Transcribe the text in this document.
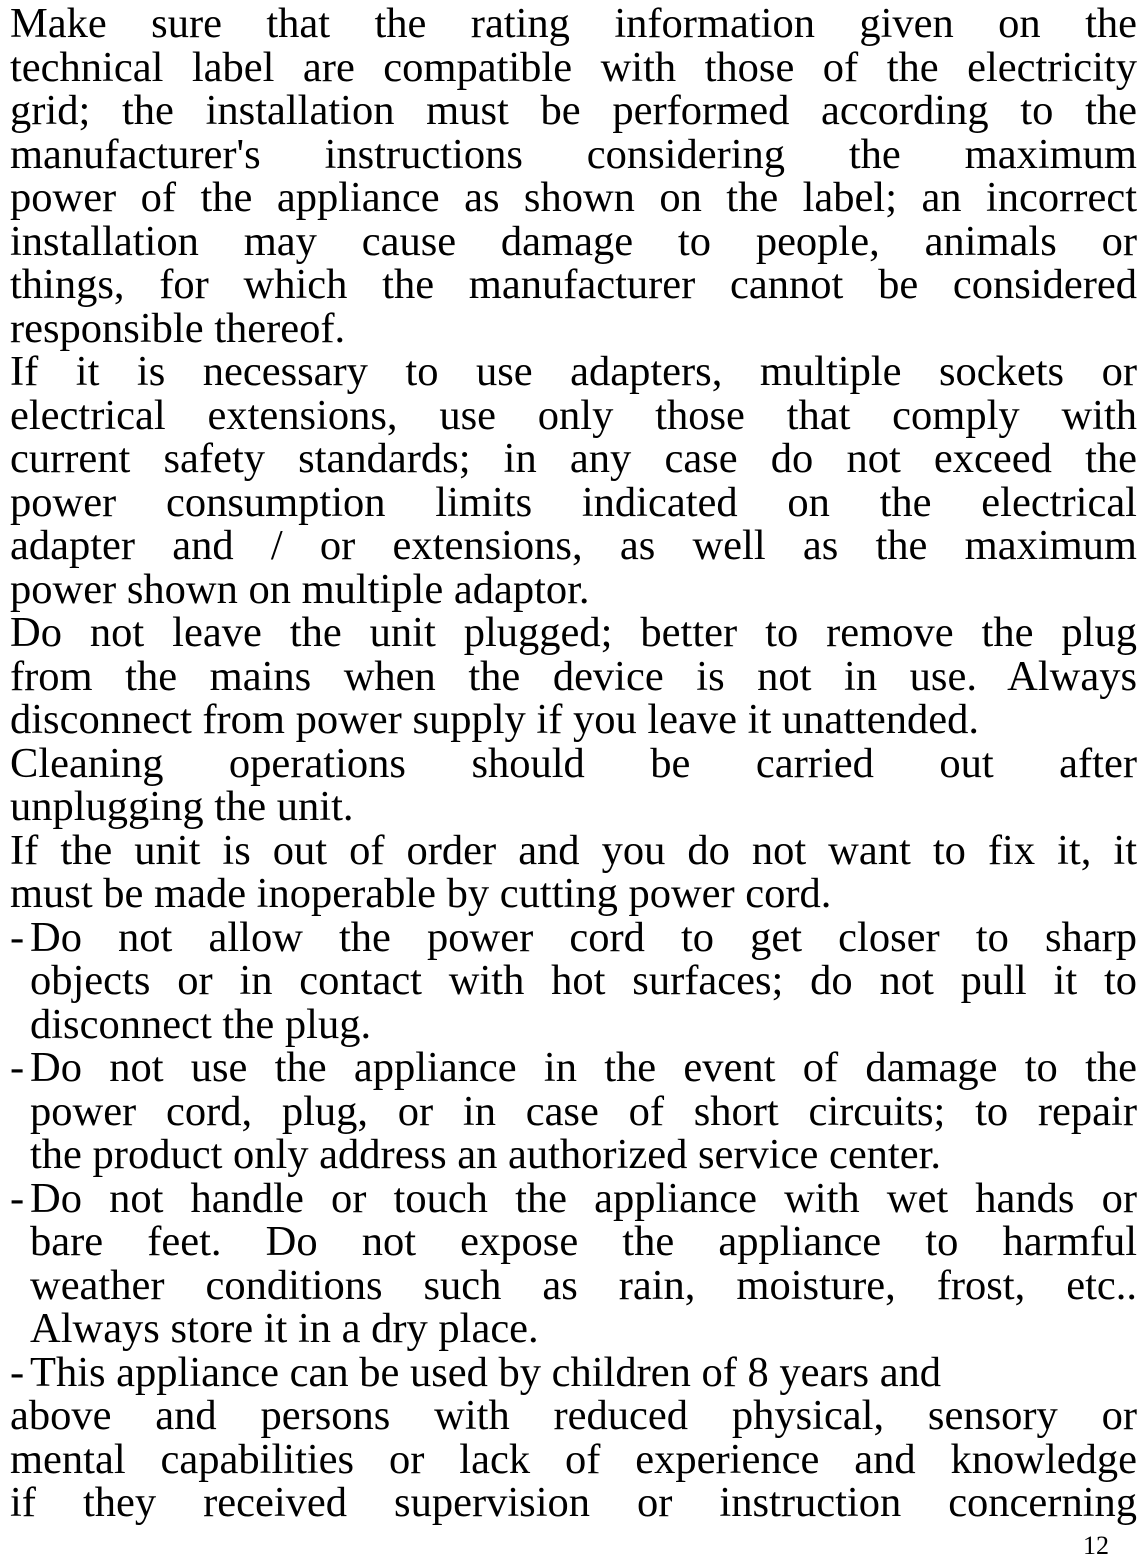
Make sure that the rating information given on the
technical label are compatible with those of the electricity
grid; the installation must be performed according to the
manufacturer's instructions considering the maximum
power of the appliance as shown on the label; an incorrect
installation may cause damage to people, animals or
things, for which the manufacturer cannot be considered
responsible thereof.
If it is necessary to use adapters, multiple sockets or
electrical extensions, use only those that comply with
current safety standards; in any case do not exceed the
power consumption limits indicated on the electrical
adapter and / or extensions, as well as the maximum
power shown on multiple adaptor.
Do not leave the unit plugged; better to remove the plug
from the mains when the device is not in use. Always
disconnect from power supply if you leave it unattended.
Cleaning operations should be carried out after
unplugging the unit.
If the unit is out of order and you do not want to fix it, it
must be made inoperable by cutting power cord.
- Do not allow the power cord to get closer to sharp
objects or in contact with hot surfaces; do not pull it to
disconnect the plug.
- Do not use the appliance in the event of damage to the
power cord, plug, or in case of short circuits; to repair
the product only address an authorized service center.
- Do not handle or touch the appliance with wet hands or
bare feet. Do not expose the appliance to harmful
weather conditions such as rain, moisture, frost, etc..
Always store it in a dry place.
- This appliance can be used by children of 8 years and
above and persons with reduced physical, sensory or
mental capabilities or lack of experience and knowledge
if they received supervision or instruction concerning
12
